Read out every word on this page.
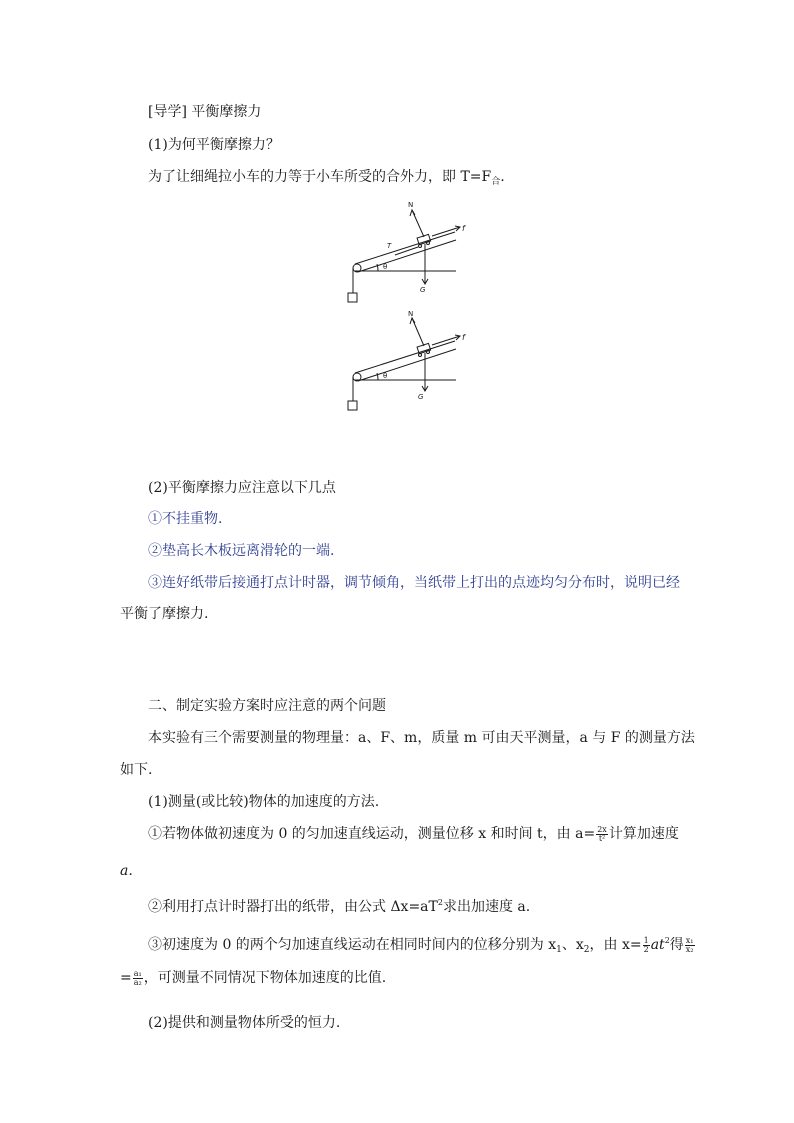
[导学] 平衡摩擦力
(1)为何平衡摩擦力？
为了让细绳拉小车的力等于小车所受的合外力，即 $T=F_合$.
N
f
T
θ
G
N
f
θ
G
(2)平衡摩擦力应注意以下几点
①不挂重物.
②垫高长木板远离滑轮的一端.
③连好纸带后接通打点计时器，调节倾角，当纸带上打出的点迹均匀分布时，说明已经
平衡了摩擦力.
二、制定实验方案时应注意的两个问题
本实验有三个需要测量的物理量：a、F、m，质量 m 可由天平测量，a 与 F 的测量方法
如下.
(1)测量(或比较)物体的加速度的方法.
①若物体做初速度为 0 的匀加速直线运动，测量位移 x 和时间 t，由 $a= \frac{2x}{\text{t²}}$ 计算加速度
a.
②利用打点计时器打出的纸带，由公式 $\Delta x=aT^2$求出加速度 a.
③初速度为 0 的两个匀加速直线运动在相同时间内的位移分别为 $x_1$、$x_2$，由 $x= \frac{1}{2} at^2$得 $\frac{\text{x₁}}{\text{x₂}}$
= $\frac{\text{a₁}}{\text{a₂}}$ ，可测量不同情况下物体加速度的比值.
(2)提供和测量物体所受的恒力.
